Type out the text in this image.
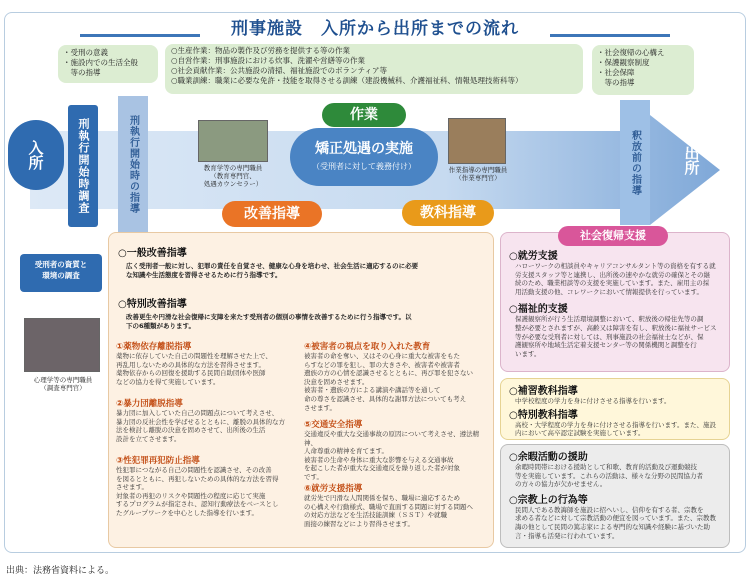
刑事施設　入所から出所までの流れ
・受刑の意義
・施設内での生活全般
　等の指導
○生産作業：物品の製作及び労務を提供する等の作業
○自営作業：刑事施設における炊事、洗濯や営繕等の作業
○社会貢献作業：公共施設の清掃、福祉施設でのボランティア等
○職業訓練：職業に必要な免許・技能を取得させる訓練（建設機械科、介護福祉科、情報処理技術科等）
・社会復帰の心構え
・保護観察制度
・社会保障
　等の指導
入所	出所
刑執行開始時調査	刑執行開始時の指導	釈放前の指導
教育学等の専門職員
（教育専門官、
処遇カウンセラー）
作業指導の専門職員
（作業専門官）
作業
矯正処遇の実施
（受刑者に対して義務付け）
改善指導	教科指導
受刑者の資質と
環境の調査
心理学等の専門職員
（調査専門官）
○一般改善指導
広く受刑者一般に対し、犯罪の責任を自覚させ、健康な心身を培わせ、社会生活に適応するのに必要
な知識や生活態度を習得させるために行う指導です。
○特別改善指導
改善更生や円滑な社会復帰に支障を来たす受刑者の個別の事情を改善するために行う指導です。以
下の6種類があります。
①薬物依存離脱指導
薬物に依存していた自己の問題性を理解させた上で、
再乱用しないための具体的な方法を習得させます。
薬物依存からの回復を援助する民間自助団体や医師
などの協力を得て実施しています。
②暴力団離脱指導
暴力団に加入していた自己の問題点について考えさせ、
暴力団の反社会性を学ばせるとともに、離脱の具体的な方
法を検討し離脱の決意を固めさせて、出所後の生活
設計を立てさせます。
③性犯罪再犯防止指導
性犯罪につながる自己の問題性を認識させ、その改善
を図るとともに、再犯しないための具体的な方法を習得
させます。
対象者の再犯のリスクや問題性の程度に応じて実施
するプログラムが指定され、認知行動療法をベースとし
たグループワークを中心とした指導を行います。
④被害者の視点を取り入れた教育
被害者の命を奪い、又はその心身に重大な被害をもた
らすなどの罪を犯し、罪の大きさや、被害者や被害者
遺族の方の心情を認識させるとともに、再び罪を犯さない
決意を固めさせます。
被害者・遺族の方による講演や講話等を通して
命の尊さを認識させ、具体的な謝罪方法についても考え
させます。
⑤交通安全指導
交通違反や重大な交通事故の原因について考えさせ、遵法精神、
人命尊重の精神を育てます。
被害者の生命や身体に重大な影響を与える交通事故
を起こした者が重大な交通違反を繰り返した者が対象
です。
⑥就労支援指導
就労先で円滑な人間関係を保ち、職場に適応するため
の心構えや行動様式、職場で直面する問題に対する問題へ
の対応方法などを生活技能訓練（ＳＳＴ）や就職
面接の練習などにより習得させます。
○就労支援
ハローワークの相談員やキャリアコンサルタント等の資格を有する就
労支援スタッフ等と連携し、出所後の速やかな就労の確保とその継
続のため、職業相談等の支援を実施しています。また、雇用主の採
用活動支援の他、コレワークにおいて情報提供を行っています。
○福祉的支援
保護観察所が行う生活環境調整において、釈放後の帰住先等の調
整が必要とされますが、高齢又は障害を有し、釈放後に福祉サービス
等が必要な受刑者に対しては、刑事施設の社会福祉士などが、保
護観察所や地域生活定着支援センター等の関係機関と調整を行
います。
社会復帰支援
○補習教科指導
中学校程度の学力を身に付けさせる指導を行います。
○特別教科指導
高校・大学程度の学力を身に付けさせる指導を行います。また、施設
内において高卒認定試験を実施しています。
○余暇活動の援助
余暇時間帯における援助として和歌、教育的活動及び運動競技
等を実施しています。これらの活動は、様々な分野の民間協力者
の方々の協力が欠かせません。
○宗教上の行為等
民間人である教誨師を施設に招へいし、信仰を有する者、宗教を
求める者などに対して宗教活動の便宜を図っています。また、宗教教
誨の他として民間の篤志家による専門的な知識や経験に基づいた助
言・指導も活発に行われています。
出典：法務省資料による。
